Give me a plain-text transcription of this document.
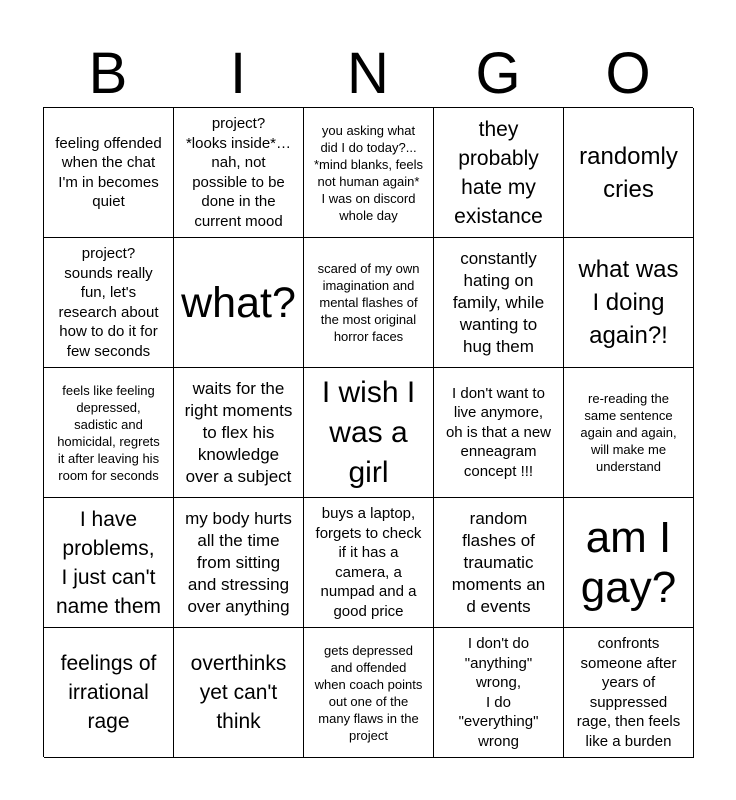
B	I	N	G	O
feeling offended
when the chat
I'm in becomes
quiet
project?
*looks inside*…
nah, not
possible to be
done in the
current mood
you asking what
did I do today?...
*mind blanks, feels
not human again*
I was on discord
whole day
they
probably
hate my
existance
randomly
cries
project?
sounds really
fun, let's
research about
how to do it for
few seconds
what?
scared of my own
imagination and
mental flashes of
the most original
horror faces
constantly
hating on
family, while
wanting to
hug them
what was
I doing
again?!
feels like feeling
depressed,
sadistic and
homicidal, regrets
it after leaving his
room for seconds
waits for the
right moments
to flex his
knowledge
over a subject
I wish I
was a
girl
I don't want to
live anymore,
oh is that a new
enneagram
concept !!!
re-reading the
same sentence
again and again,
will make me
understand
I have
problems,
I just can't
name them
my body hurts
all the time
from sitting
and stressing
over anything
buys a laptop,
forgets to check
if it has a
camera, a
numpad and a
good price
random
flashes of
traumatic
moments an
d events
am I
gay?
feelings of
irrational
rage
overthinks
yet can't
think
gets depressed
and offended
when coach points
out one of the
many flaws in the
project
I don't do
"anything"
wrong,
I do
"everything"
wrong
confronts
someone after
years of
suppressed
rage, then feels
like a burden
